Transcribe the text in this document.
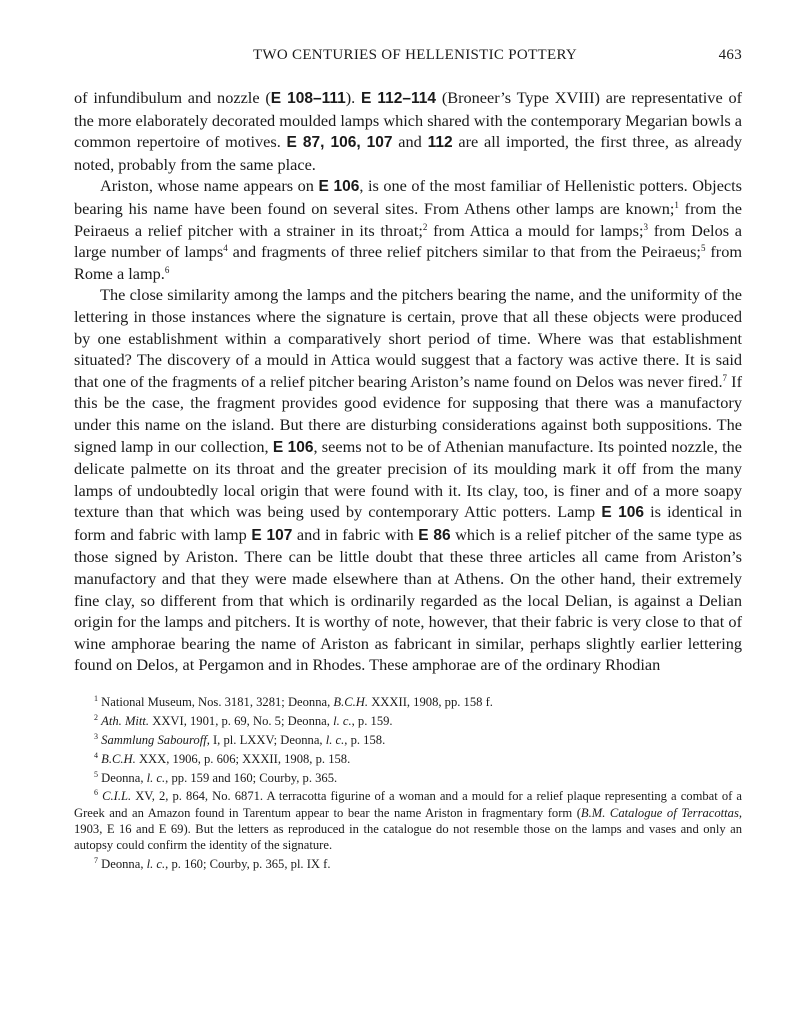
TWO CENTURIES OF HELLENISTIC POTTERY	463

of infundibulum and nozzle (E 108–111). E 112–114 (Broneer’s Type XVIII) are representative of the more elaborately decorated moulded lamps which shared with the contemporary Megarian bowls a common repertoire of motives. E 87, 106, 107 and 112 are all imported, the first three, as already noted, probably from the same place.

Ariston, whose name appears on E 106, is one of the most familiar of Hellenistic potters. Objects bearing his name have been found on several sites. From Athens other lamps are known;$^1$ from the Peiraeus a relief pitcher with a strainer in its throat;$^2$ from Attica a mould for lamps;$^3$ from Delos a large number of lamps$^4$ and fragments of three relief pitchers similar to that from the Peiraeus;$^5$ from Rome a lamp.$^6$

The close similarity among the lamps and the pitchers bearing the name, and the uniformity of the lettering in those instances where the signature is certain, prove that all these objects were produced by one establishment within a comparatively short period of time. Where was that establishment situated? The discovery of a mould in Attica would suggest that a factory was active there. It is said that one of the fragments of a relief pitcher bearing Ariston’s name found on Delos was never fired.$^7$ If this be the case, the fragment provides good evidence for supposing that there was a manufactory under this name on the island. But there are disturbing considerations against both suppositions. The signed lamp in our collection, E 106, seems not to be of Athenian manufacture. Its pointed nozzle, the delicate palmette on its throat and the greater precision of its moulding mark it off from the many lamps of undoubtedly local origin that were found with it. Its clay, too, is finer and of a more soapy texture than that which was being used by contemporary Attic potters. Lamp E 106 is identical in form and fabric with lamp E 107 and in fabric with E 86 which is a relief pitcher of the same type as those signed by Ariston. There can be little doubt that these three articles all came from Ariston’s manufactory and that they were made elsewhere than at Athens. On the other hand, their extremely fine clay, so different from that which is ordinarily regarded as the local Delian, is against a Delian origin for the lamps and pitchers. It is worthy of note, however, that their fabric is very close to that of wine amphorae bearing the name of Ariston as fabricant in similar, perhaps slightly earlier lettering found on Delos, at Pergamon and in Rhodes. These amphorae are of the ordinary Rhodian

$^1$ National Museum, Nos. 3181, 3281; Deonna, B.C.H. XXXII, 1908, pp. 158 f.

$^2$ Ath. Mitt. XXVI, 1901, p. 69, No. 5; Deonna, l. c., p. 159.

$^3$ Sammlung Sabouroff, I, pl. LXXV; Deonna, l. c., p. 158.

$^4$ B.C.H. XXX, 1906, p. 606; XXXII, 1908, p. 158.

$^5$ Deonna, l. c., pp. 159 and 160; Courby, p. 365.

$^6$ C.I.L. XV, 2, p. 864, No. 6871. A terracotta figurine of a woman and a mould for a relief plaque representing a combat of a Greek and an Amazon found in Tarentum appear to bear the name Ariston in fragmentary form (B.M. Catalogue of Terracottas, 1903, E 16 and E 69). But the letters as reproduced in the catalogue do not resemble those on the lamps and vases and only an autopsy could confirm the identity of the signature.

$^7$ Deonna, l. c., p. 160; Courby, p. 365, pl. IX f.
